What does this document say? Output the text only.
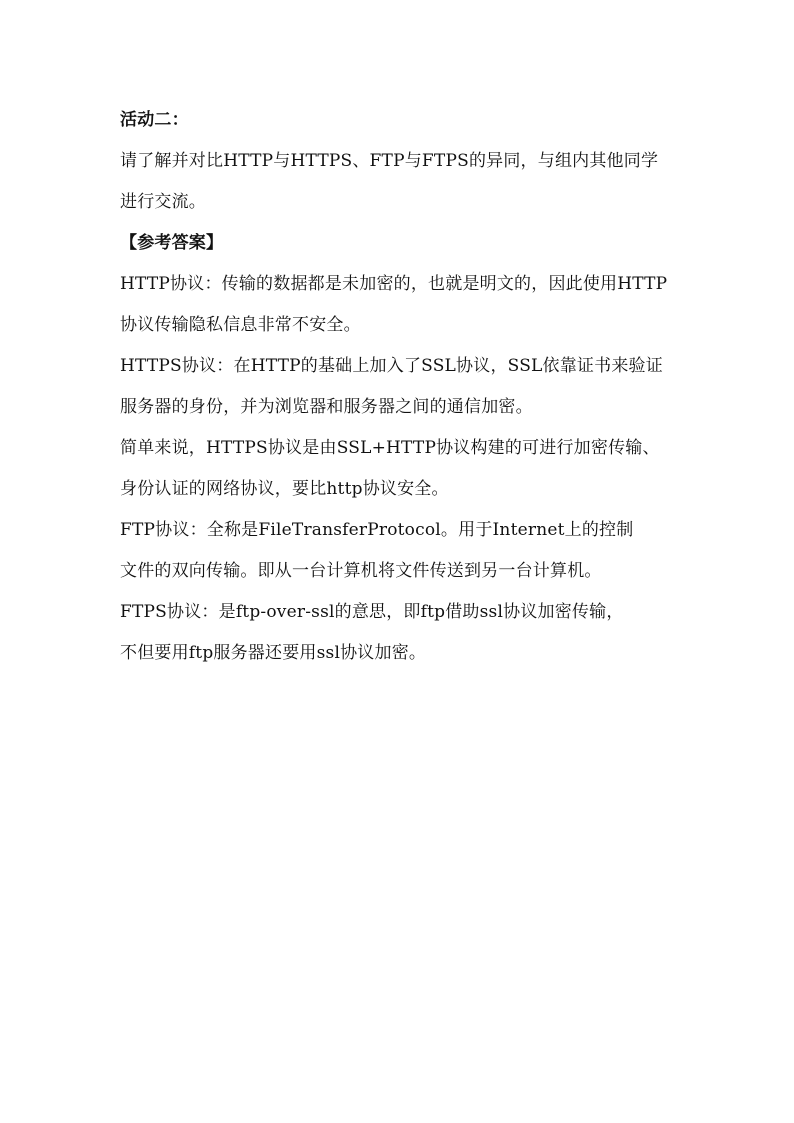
活动二：
请了解并对比HTTP与HTTPS、FTP与FTPS的异同，与组内其他同学
进行交流。
【参考答案】
HTTP协议：传输的数据都是未加密的，也就是明文的，因此使用HTTP
协议传输隐私信息非常不安全。
HTTPS协议：在HTTP的基础上加入了SSL协议，SSL依靠证书来验证
服务器的身份，并为浏览器和服务器之间的通信加密。
简单来说，HTTPS协议是由SSL+HTTP协议构建的可进行加密传输、
身份认证的网络协议，要比http协议安全。
FTP协议：全称是FileTransferProtocol。用于Internet上的控制
文件的双向传输。即从一台计算机将文件传送到另一台计算机。
FTPS协议：是ftp-over-ssl的意思，即ftp借助ssl协议加密传输，
不但要用ftp服务器还要用ssl协议加密。
